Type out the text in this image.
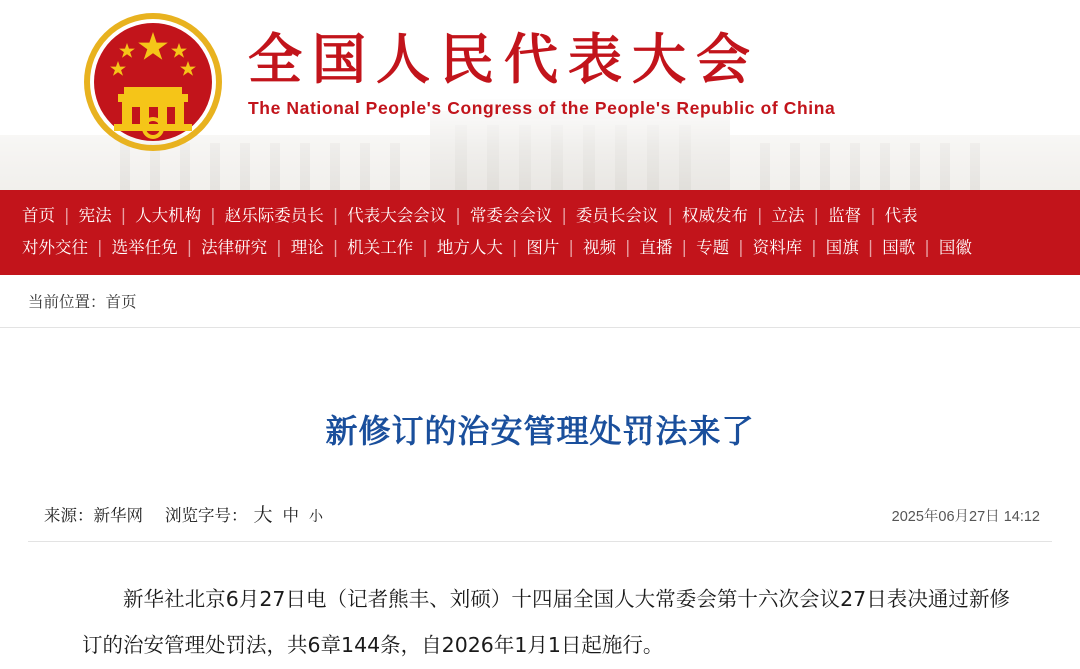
全国人民代表大会
The National People's Congress of the People's Republic of China
首页 | 宪法 | 人大机构 | 赵乐际委员长 | 代表大会会议 | 常委会会议 | 委员长会议 | 权威发布 | 立法 | 监督 | 代表
对外交往 | 选举任免 | 法律研究 | 理论 | 机关工作 | 地方人大 | 图片 | 视频 | 直播 | 专题 | 资料库 | 国旗 | 国歌 | 国徽
当前位置： 首页
新修订的治安管理处罚法来了
来源： 新华网 浏览字号： 大 中 小	2025年06月27日 14:12

新华社北京6月27日电（记者熊丰、刘硕）十四届全国人大常委会第十六次会议27日表决通过新修订的治安管理处罚法，共6章144条，自2026年1月1日起施行。
